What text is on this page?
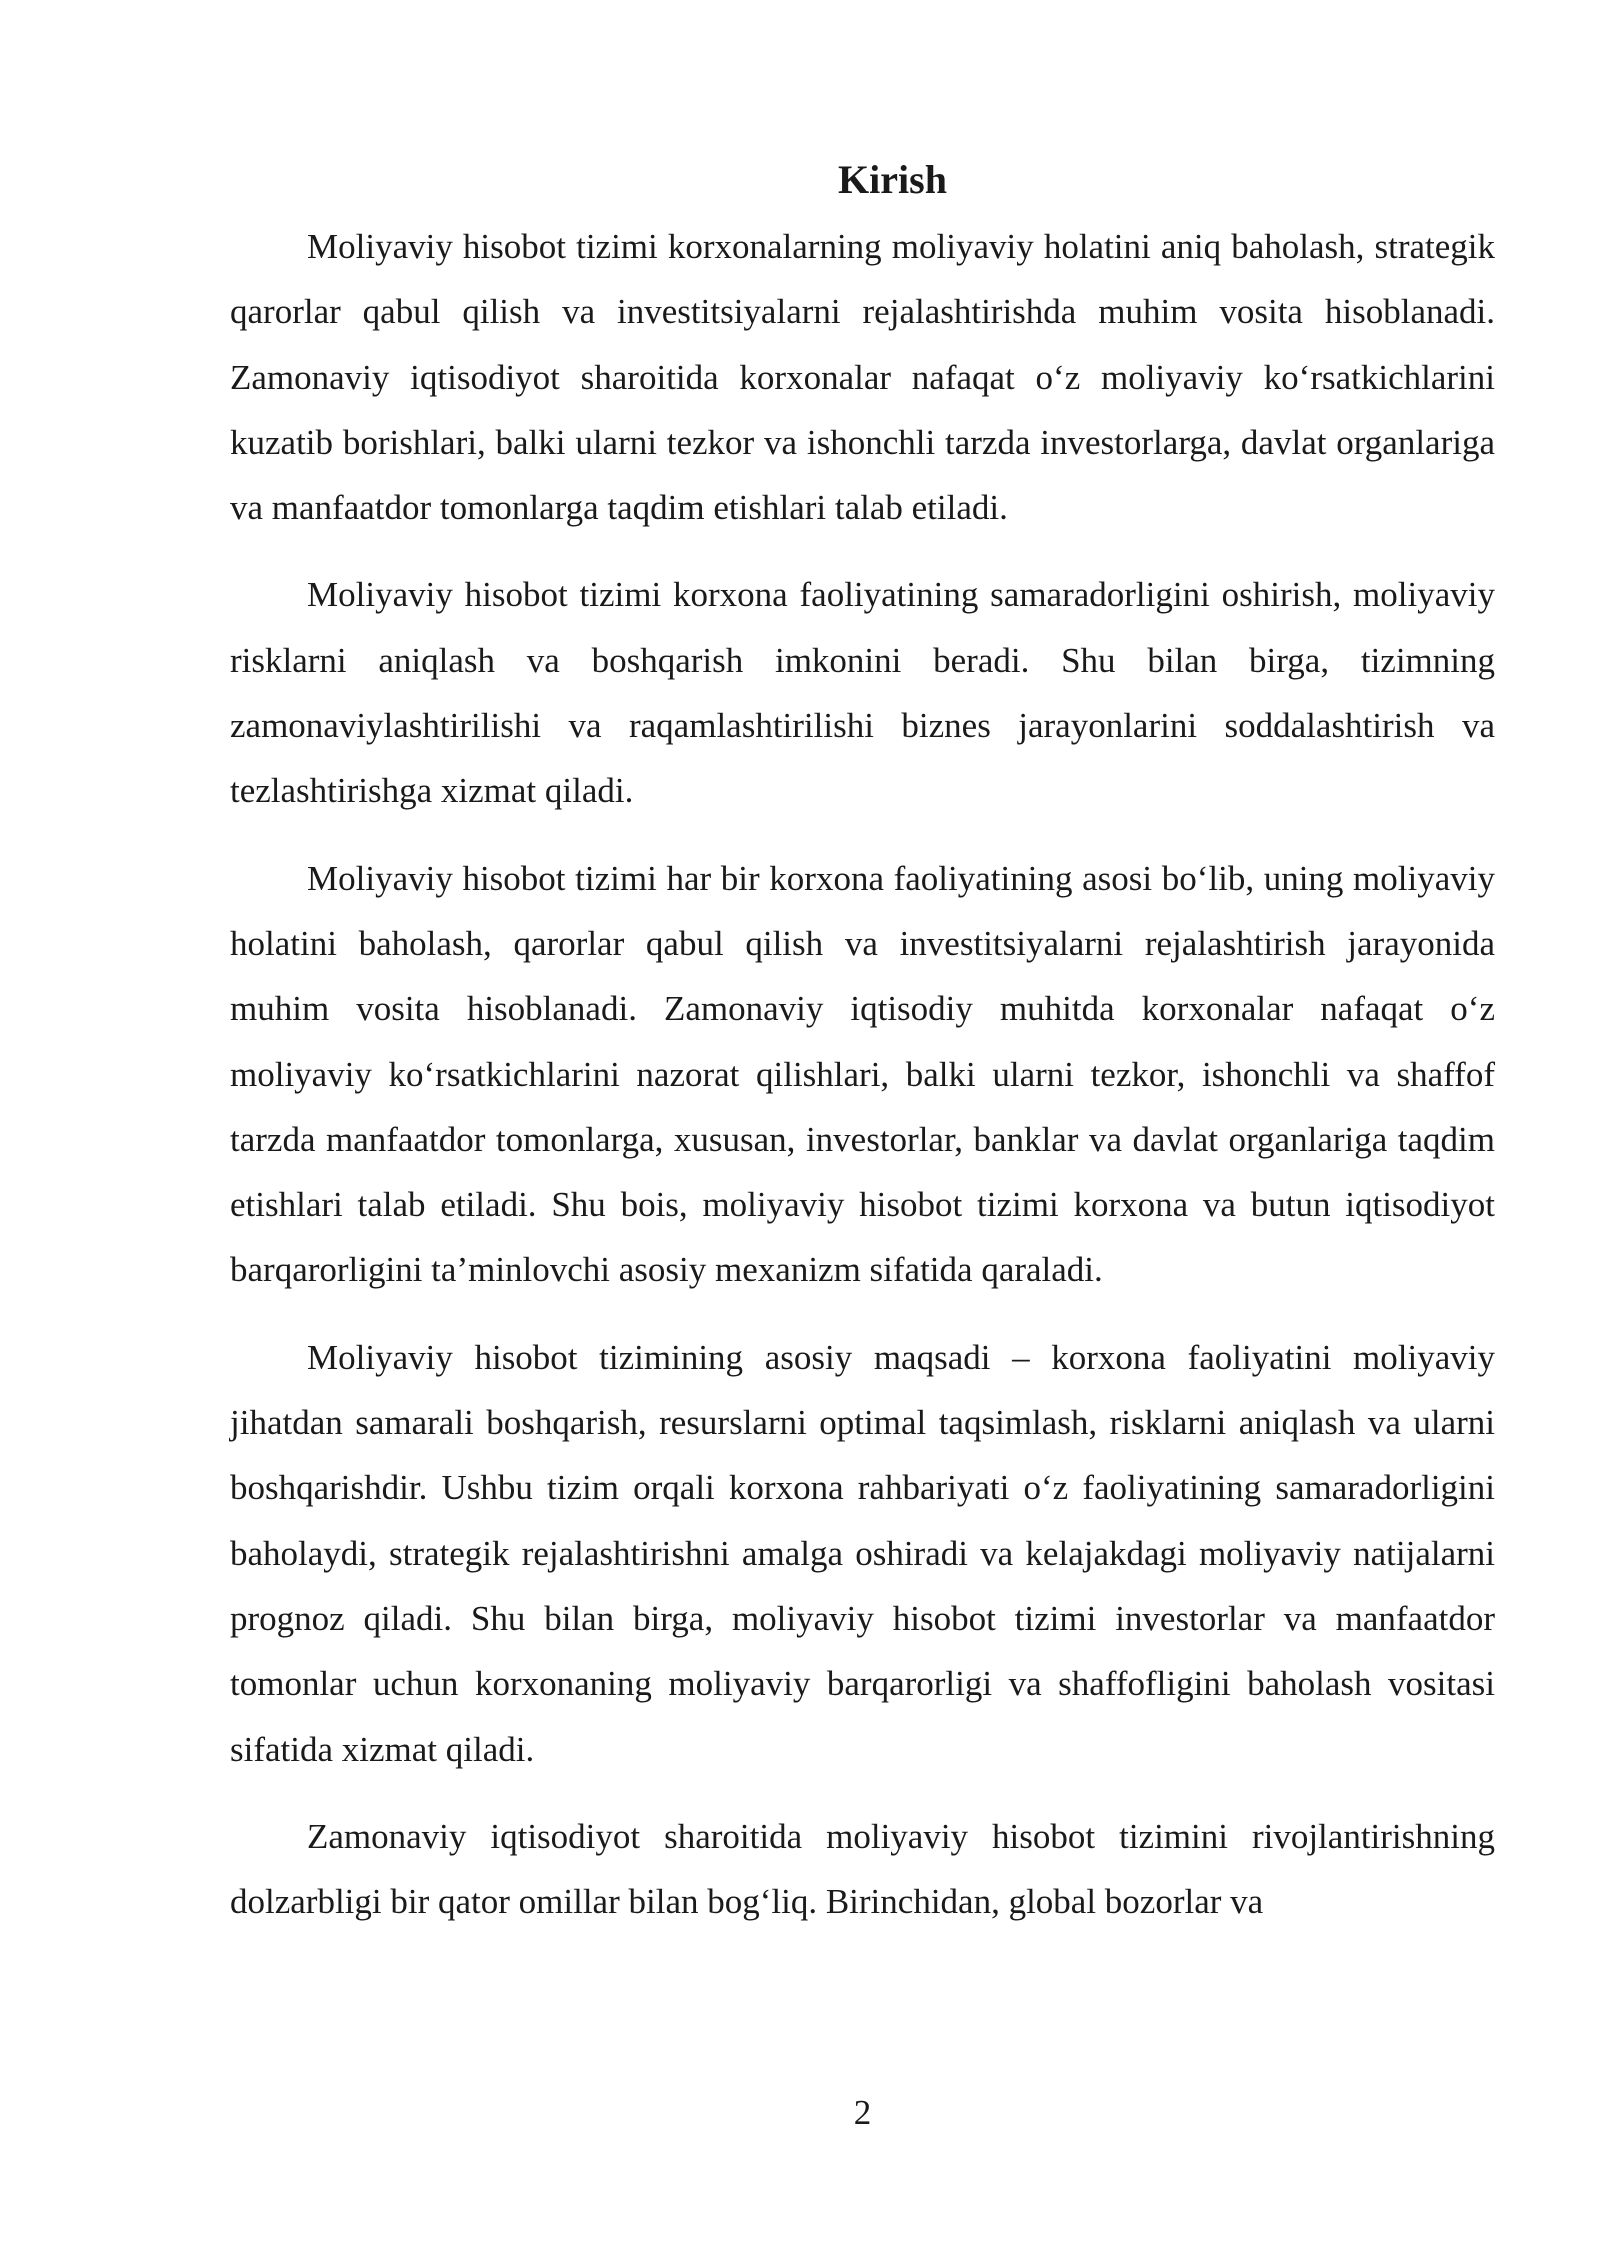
Kirish

Moliyaviy hisobot tizimi korxonalarning moliyaviy holatini aniq baholash, strategik qarorlar qabul qilish va investitsiyalarni rejalashtirishda muhim vosita hisoblanadi. Zamonaviy iqtisodiyot sharoitida korxonalar nafaqat o‘z moliyaviy ko‘rsatkichlarini kuzatib borishlari, balki ularni tezkor va ishonchli tarzda investorlarga, davlat organlariga va manfaatdor tomonlarga taqdim etishlari talab etiladi.

Moliyaviy hisobot tizimi korxona faoliyatining samaradorligini oshirish, moliyaviy risklarni aniqlash va boshqarish imkonini beradi. Shu bilan birga, tizimning zamonaviylashtirilishi va raqamlashtirilishi biznes jarayonlarini soddalashtirish va tezlashtirishga xizmat qiladi.

Moliyaviy hisobot tizimi har bir korxona faoliyatining asosi bo‘lib, uning moliyaviy holatini baholash, qarorlar qabul qilish va investitsiyalarni rejalashtirish jarayonida muhim vosita hisoblanadi. Zamonaviy iqtisodiy muhitda korxonalar nafaqat o‘z moliyaviy ko‘rsatkichlarini nazorat qilishlari, balki ularni tezkor, ishonchli va shaffof tarzda manfaatdor tomonlarga, xususan, investorlar, banklar va davlat organlariga taqdim etishlari talab etiladi. Shu bois, moliyaviy hisobot tizimi korxona va butun iqtisodiyot barqarorligini ta’minlovchi asosiy mexanizm sifatida qaraladi.

Moliyaviy hisobot tizimining asosiy maqsadi – korxona faoliyatini moliyaviy jihatdan samarali boshqarish, resurslarni optimal taqsimlash, risklarni aniqlash va ularni boshqarishdir. Ushbu tizim orqali korxona rahbariyati o‘z faoliyatining samaradorligini baholaydi, strategik rejalashtirishni amalga oshiradi va kelajakdagi moliyaviy natijalarni prognoz qiladi. Shu bilan birga, moliyaviy hisobot tizimi investorlar va manfaatdor tomonlar uchun korxonaning moliyaviy barqarorligi va shaffofligini baholash vositasi sifatida xizmat qiladi.

Zamonaviy iqtisodiyot sharoitida moliyaviy hisobot tizimini rivojlantirishning dolzarbligi bir qator omillar bilan bog‘liq. Birinchidan, global bozorlar va

2
